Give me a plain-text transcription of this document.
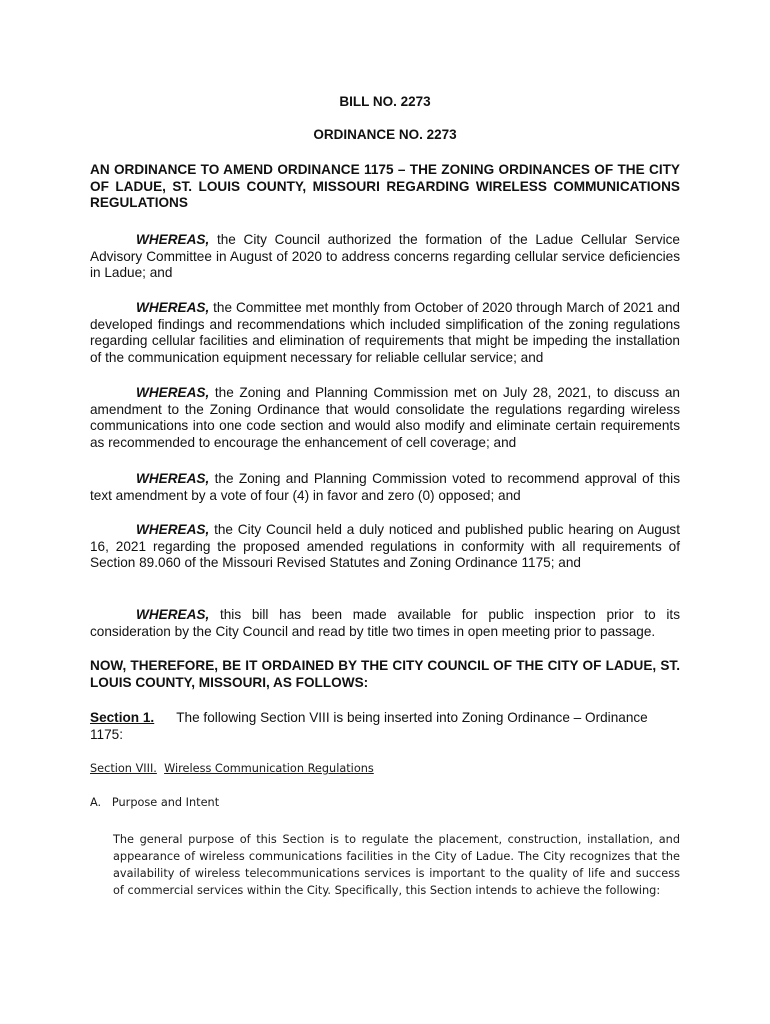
BILL NO. 2273
ORDINANCE NO. 2273
AN ORDINANCE TO AMEND ORDINANCE 1175 – THE ZONING ORDINANCES OF THE CITY OF LADUE, ST. LOUIS COUNTY, MISSOURI REGARDING WIRELESS COMMUNICATIONS REGULATIONS
WHEREAS, the City Council authorized the formation of the Ladue Cellular Service Advisory Committee in August of 2020 to address concerns regarding cellular service deficiencies in Ladue; and
WHEREAS, the Committee met monthly from October of 2020 through March of 2021 and developed findings and recommendations which included simplification of the zoning regulations regarding cellular facilities and elimination of requirements that might be impeding the installation of the communication equipment necessary for reliable cellular service; and
WHEREAS, the Zoning and Planning Commission met on July 28, 2021, to discuss an amendment to the Zoning Ordinance that would consolidate the regulations regarding wireless communications into one code section and would also modify and eliminate certain requirements as recommended to encourage the enhancement of cell coverage; and
WHEREAS, the Zoning and Planning Commission voted to recommend approval of this text amendment by a vote of four (4) in favor and zero (0) opposed; and
WHEREAS, the City Council held a duly noticed and published public hearing on August 16, 2021 regarding the proposed amended regulations in conformity with all requirements of Section 89.060 of the Missouri Revised Statutes and Zoning Ordinance 1175; and
WHEREAS, this bill has been made available for public inspection prior to its consideration by the City Council and read by title two times in open meeting prior to passage.
NOW, THEREFORE, BE IT ORDAINED BY THE CITY COUNCIL OF THE CITY OF LADUE, ST. LOUIS COUNTY, MISSOURI, AS FOLLOWS:
Section 1. The following Section VIII is being inserted into Zoning Ordinance – Ordinance 1175:
Section VIII. Wireless Communication Regulations
A. Purpose and Intent
The general purpose of this Section is to regulate the placement, construction, installation, and appearance of wireless communications facilities in the City of Ladue. The City recognizes that the availability of wireless telecommunications services is important to the quality of life and success of commercial services within the City. Specifically, this Section intends to achieve the following:
